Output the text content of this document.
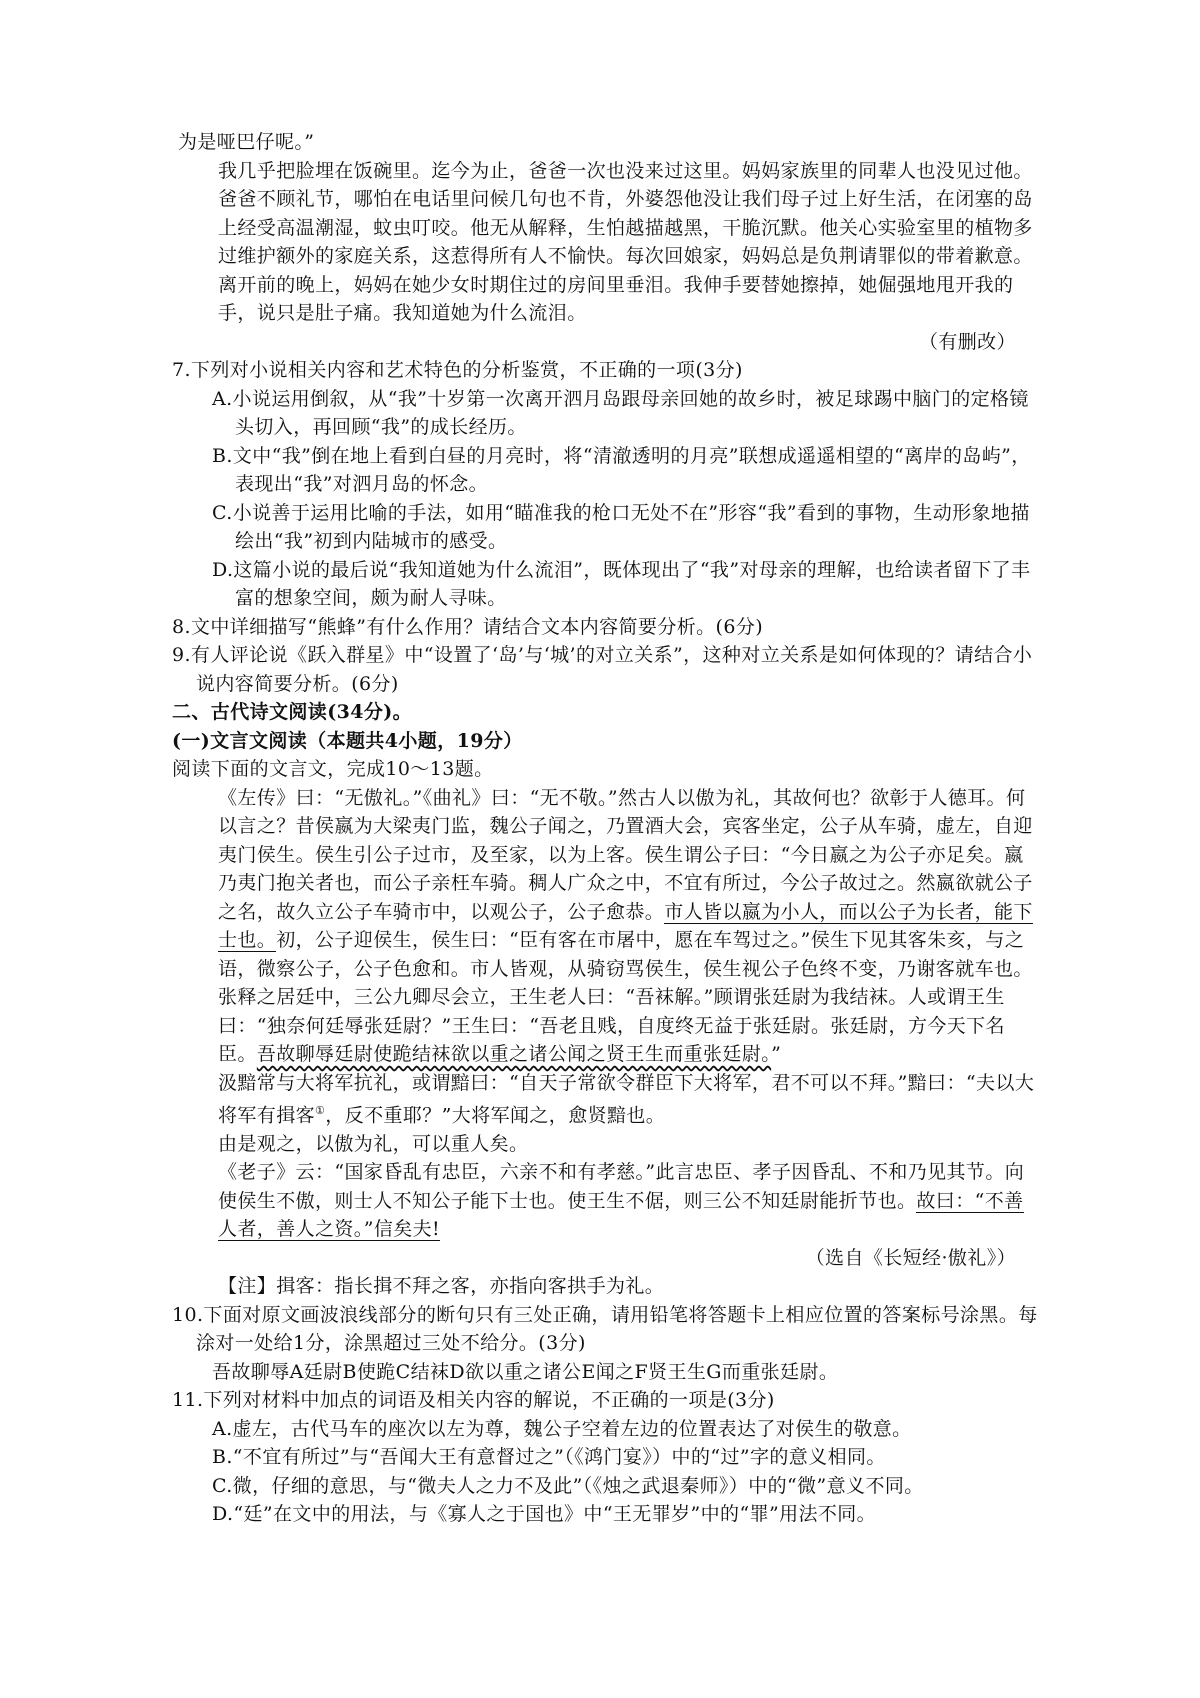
为是哑巴仔呢。”
我几乎把脸埋在饭碗里。迄今为止，爸爸一次也没来过这里。妈妈家族里的同辈人也没见过他。爸爸不顾礼节，哪怕在电话里问候几句也不肯，外婆怨他没让我们母子过上好生活，在闭塞的岛上经受高温潮湿，蚊虫叮咬。他无从解释，生怕越描越黑，干脆沉默。他关心实验室里的植物多过维护额外的家庭关系，这惹得所有人不愉快。每次回娘家，妈妈总是负荆请罪似的带着歉意。
离开前的晚上，妈妈在她少女时期住过的房间里垂泪。我伸手要替她擦掉，她倔强地甩开我的手，说只是肚子痛。我知道她为什么流泪。
（有删改）
7.下列对小说相关内容和艺术特色的分析鉴赏，不正确的一项(3分)
A.小说运用倒叙，从“我”十岁第一次离开泗月岛跟母亲回她的故乡时，被足球踢中脑门的定格镜头切入，再回顾“我”的成长经历。
B.文中“我”倒在地上看到白昼的月亮时，将“清澈透明的月亮”联想成遥遥相望的“离岸的岛屿”，表现出“我”对泗月岛的怀念。
C.小说善于运用比喻的手法，如用“瞄准我的枪口无处不在”形容“我”看到的事物，生动形象地描绘出“我”初到内陆城市的感受。
D.这篇小说的最后说“我知道她为什么流泪”，既体现出了“我”对母亲的理解，也给读者留下了丰富的想象空间，颇为耐人寻味。
8.文中详细描写“熊蜂”有什么作用？请结合文本内容简要分析。(6分)
9.有人评论说《跃入群星》中“设置了‘岛’与‘城’的对立关系”，这种对立关系是如何体现的？请结合小说内容简要分析。(6分)
二、古代诗文阅读(34分)。
(一)文言文阅读（本题共4小题，19分）
阅读下面的文言文，完成10～13题。
《左传》曰：“无傲礼。”《曲礼》曰：“无不敬。”然古人以傲为礼，其故何也？欲彰于人德耳。何以言之？昔侯嬴为大梁夷门监，魏公子闻之，乃置酒大会，宾客坐定，公子从车骑，虚左，自迎夷门侯生。侯生引公子过市，及至家，以为上客。侯生谓公子曰：“今日嬴之为公子亦足矣。嬴乃夷门抱关者也，而公子亲枉车骑。稠人广众之中，不宜有所过，今公子故过之。然嬴欲就公子之名，故久立公子车骑市中，以观公子，公子愈恭。市人皆以嬴为小人，而以公子为长者，能下士也。初，公子迎侯生，侯生曰：“臣有客在市屠中，愿在车驾过之。”侯生下见其客朱亥，与之语，微察公子，公子色愈和。市人皆观，从骑窃骂侯生，侯生视公子色终不变，乃谢客就车也。
张释之居廷中，三公九卿尽会立，王生老人曰：“吾袜解。”顾谓张廷尉为我结袜。人或谓王生曰：“独奈何廷辱张廷尉？”王生曰：“吾老且贱，自度终无益于张廷尉。张廷尉，方今天下名臣。吾故聊辱廷尉使跪结袜欲以重之诸公闻之贤王生而重张廷尉。”
汲黯常与大将军抗礼，或谓黯曰：“自天子常欲令群臣下大将军，君不可以不拜。”黯曰：“夫以大将军有揖客①，反不重耶？”大将军闻之，愈贤黯也。
由是观之，以傲为礼，可以重人矣。
《老子》云：“国家昏乱有忠臣，六亲不和有孝慈。”此言忠臣、孝子因昏乱、不和乃见其节。向使侯生不傲，则士人不知公子能下士也。使王生不倨，则三公不知廷尉能折节也。故曰：“不善人者，善人之资。”信矣夫!
（选自《长短经·傲礼》）
【注】揖客：指长揖不拜之客，亦指向客拱手为礼。
10.下面对原文画波浪线部分的断句只有三处正确，请用铅笔将答题卡上相应位置的答案标号涂黑。每涂对一处给1分，涂黑超过三处不给分。(3分)
吾故聊辱A廷尉B使跪C结袜D欲以重之诸公E闻之F贤王生G而重张廷尉。
11.下列对材料中加点的词语及相关内容的解说，不正确的一项是(3分)
A.虚左，古代马车的座次以左为尊，魏公子空着左边的位置表达了对侯生的敬意。
B.“不宜有所过”与“吾闻大王有意督过之”（《鸿门宴》）中的“过”字的意义相同。
C.微，仔细的意思，与“微夫人之力不及此”（《烛之武退秦师》）中的“微”意义不同。
D.“廷”在文中的用法，与《寡人之于国也》中“王无罪岁”中的“罪”用法不同。
